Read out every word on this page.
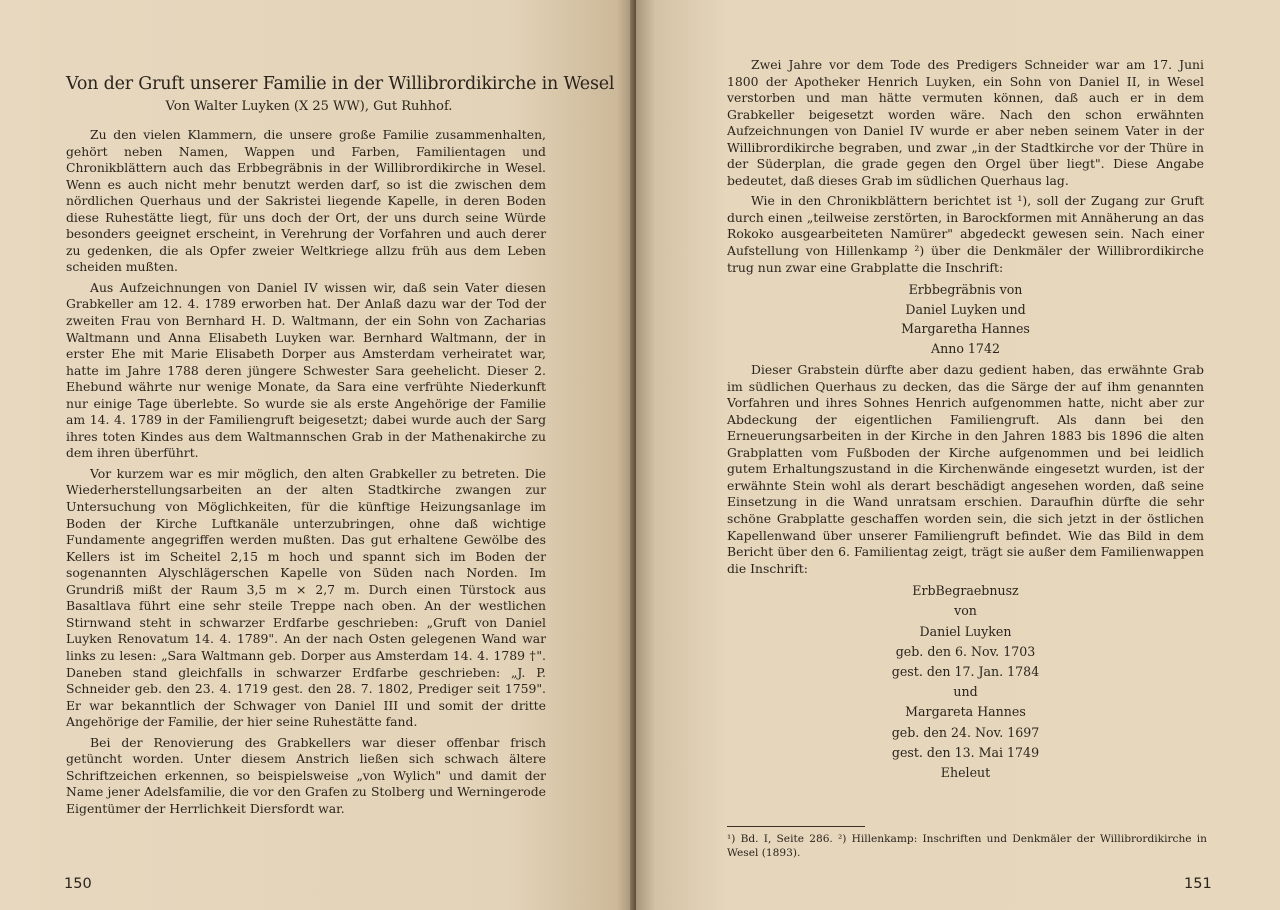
Von der Gruft unserer Familie in der Willibrordikirche in Wesel
Von Walter Luyken (X 25 WW), Gut Ruhhof.

Zu den vielen Klammern, die unsere große Familie zusammenhalten, gehört neben Namen, Wappen und Farben, Familientagen und Chronikblättern auch das Erbbegräbnis in der Willibrordikirche in Wesel. Wenn es auch nicht mehr benutzt werden darf, so ist die zwischen dem nördlichen Querhaus und der Sakristei liegende Kapelle, in deren Boden diese Ruhestätte liegt, für uns doch der Ort, der uns durch seine Würde besonders geeignet erscheint, in Verehrung der Vorfahren und auch derer zu gedenken, die als Opfer zweier Weltkriege allzu früh aus dem Leben scheiden mußten.

Aus Aufzeichnungen von Daniel IV wissen wir, daß sein Vater diesen Grabkeller am 12. 4. 1789 erworben hat. Der Anlaß dazu war der Tod der zweiten Frau von Bernhard H. D. Waltmann, der ein Sohn von Zacharias Waltmann und Anna Elisabeth Luyken war. Bernhard Waltmann, der in erster Ehe mit Marie Elisabeth Dorper aus Amsterdam verheiratet war, hatte im Jahre 1788 deren jüngere Schwester Sara geehelicht. Dieser 2. Ehebund währte nur wenige Monate, da Sara eine verfrühte Niederkunft nur einige Tage überlebte. So wurde sie als erste Angehörige der Familie am 14. 4. 1789 in der Familiengruft beigesetzt; dabei wurde auch der Sarg ihres toten Kindes aus dem Waltmannschen Grab in der Mathenakirche zu dem ihren überführt.

Vor kurzem war es mir möglich, den alten Grabkeller zu betreten. Die Wiederherstellungsarbeiten an der alten Stadtkirche zwangen zur Untersuchung von Möglichkeiten, für die künftige Heizungsanlage im Boden der Kirche Luftkanäle unterzubringen, ohne daß wichtige Fundamente angegriffen werden mußten. Das gut erhaltene Gewölbe des Kellers ist im Scheitel 2,15 m hoch und spannt sich im Boden der sogenannten Alyschlägerschen Kapelle von Süden nach Norden. Im Grundriß mißt der Raum 3,5 m × 2,7 m. Durch einen Türstock aus Basaltlava führt eine sehr steile Treppe nach oben. An der westlichen Stirnwand steht in schwarzer Erdfarbe geschrieben: „Gruft von Daniel Luyken Renovatum 14. 4. 1789". An der nach Osten gelegenen Wand war links zu lesen: „Sara Waltmann geb. Dorper aus Amsterdam 14. 4. 1789 †". Daneben stand gleichfalls in schwarzer Erdfarbe geschrieben: „J. P. Schneider geb. den 23. 4. 1719 gest. den 28. 7. 1802, Prediger seit 1759". Er war bekanntlich der Schwager von Daniel III und somit der dritte Angehörige der Familie, der hier seine Ruhestätte fand.

Bei der Renovierung des Grabkellers war dieser offenbar frisch getüncht worden. Unter diesem Anstrich ließen sich schwach ältere Schriftzeichen erkennen, so beispielsweise „von Wylich" und damit der Name jener Adelsfamilie, die vor den Grafen zu Stolberg und Werningerode Eigentümer der Herrlichkeit Diersfordt war.

150

Zwei Jahre vor dem Tode des Predigers Schneider war am 17. Juni 1800 der Apotheker Henrich Luyken, ein Sohn von Daniel II, in Wesel verstorben und man hätte vermuten können, daß auch er in dem Grabkeller beigesetzt worden wäre. Nach den schon erwähnten Aufzeichnungen von Daniel IV wurde er aber neben seinem Vater in der Willibrordikirche begraben, und zwar „in der Stadtkirche vor der Thüre in der Süderplan, die grade gegen den Orgel über liegt". Diese Angabe bedeutet, daß dieses Grab im südlichen Querhaus lag.

Wie in den Chronikblättern berichtet ist ¹), soll der Zugang zur Gruft durch einen „teilweise zerstörten, in Barockformen mit Annäherung an das Rokoko ausgearbeiteten Namürer" abgedeckt gewesen sein. Nach einer Aufstellung von Hillenkamp ²) über die Denkmäler der Willibrordikirche trug nun zwar eine Grabplatte die Inschrift:

Erbbegräbnis von

Daniel Luyken und

Margaretha Hannes

Anno 1742

Dieser Grabstein dürfte aber dazu gedient haben, das erwähnte Grab im südlichen Querhaus zu decken, das die Särge der auf ihm genannten Vorfahren und ihres Sohnes Henrich aufgenommen hatte, nicht aber zur Abdeckung der eigentlichen Familiengruft. Als dann bei den Erneuerungsarbeiten in der Kirche in den Jahren 1883 bis 1896 die alten Grabplatten vom Fußboden der Kirche aufgenommen und bei leidlich gutem Erhaltungszustand in die Kirchenwände eingesetzt wurden, ist der erwähnte Stein wohl als derart beschädigt angesehen worden, daß seine Einsetzung in die Wand unratsam erschien. Daraufhin dürfte die sehr schöne Grabplatte geschaffen worden sein, die sich jetzt in der östlichen Kapellenwand über unserer Familiengruft befindet. Wie das Bild in dem Bericht über den 6. Familientag zeigt, trägt sie außer dem Familienwappen die Inschrift:

ErbBegraebnusz

von

Daniel Luyken

geb. den 6. Nov. 1703

gest. den 17. Jan. 1784

und

Margareta Hannes

geb. den 24. Nov. 1697

gest. den 13. Mai 1749

Eheleut

¹) Bd. I, Seite 286. ²) Hillenkamp: Inschriften und Denkmäler der Willibrordikirche in Wesel (1893).
151
